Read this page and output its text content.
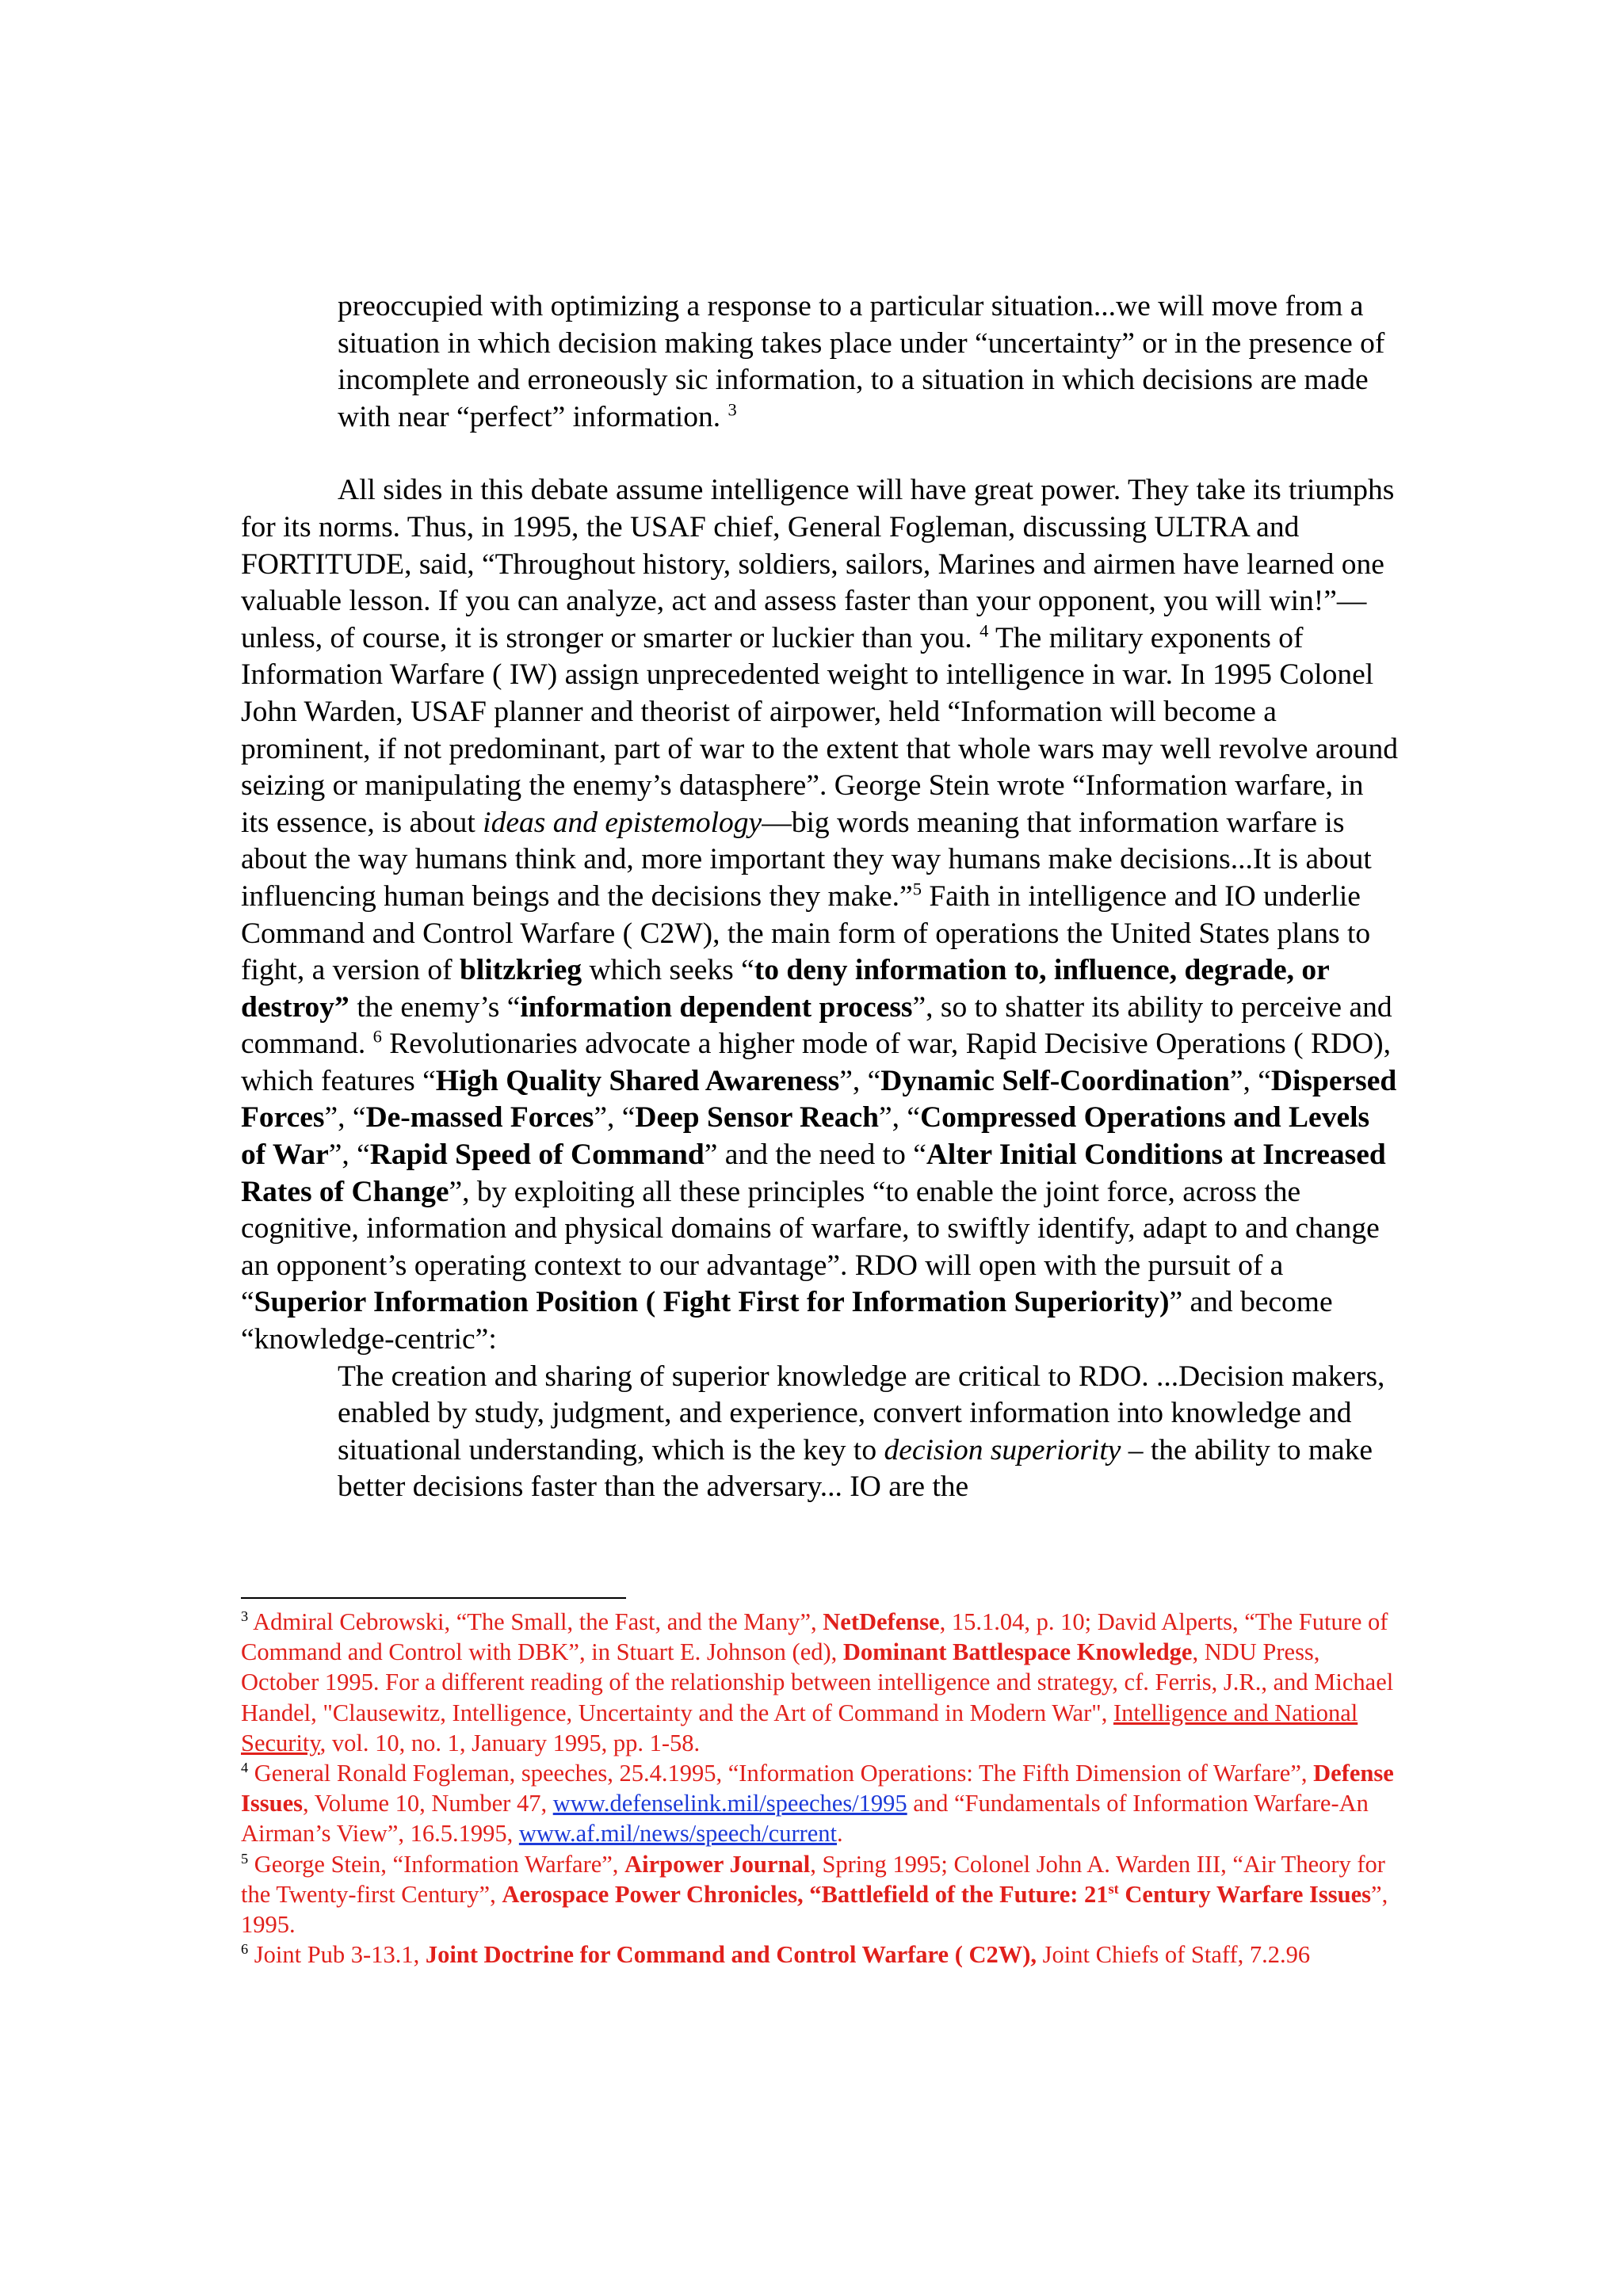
preoccupied with optimizing a response to a particular situation...we will move from a situation in which decision making takes place under “uncertainty” or in the presence of incomplete and erroneously sic information, to a situation in which decisions are made with near “perfect” information. $^3$

All sides in this debate assume intelligence will have great power. They take its triumphs for its norms. Thus, in 1995, the USAF chief, General Fogleman, discussing ULTRA and FORTITUDE, said, “Throughout history, soldiers, sailors, Marines and airmen have learned one valuable lesson. If you can analyze, act and assess faster than your opponent, you will win!”—unless, of course, it is stronger or smarter or luckier than you. $^4$ The military exponents of Information Warfare ( IW) assign unprecedented weight to intelligence in war. In 1995 Colonel John Warden, USAF planner and theorist of airpower, held “Information will become a prominent, if not predominant, part of war to the extent that whole wars may well revolve around seizing or manipulating the enemy’s datasphere”. George Stein wrote “Information warfare, in its essence, is about ideas and epistemology—big words meaning that information warfare is about the way humans think and, more important they way humans make decisions...It is about influencing human beings and the decisions they make.”$^5$ Faith in intelligence and IO underlie Command and Control Warfare ( C2W), the main form of operations the United States plans to fight, a version of blitzkrieg which seeks “to deny information to, influence, degrade, or destroy” the enemy’s “information dependent process”, so to shatter its ability to perceive and command. $^6$ Revolutionaries advocate a higher mode of war, Rapid Decisive Operations ( RDO), which features “High Quality Shared Awareness”, “Dynamic Self-Coordination”, “Dispersed Forces”, “De-massed Forces”, “Deep Sensor Reach”, “Compressed Operations and Levels of War”, “Rapid Speed of Command” and the need to “Alter Initial Conditions at Increased Rates of Change”, by exploiting all these principles “to enable the joint force, across the cognitive, information and physical domains of warfare, to swiftly identify, adapt to and change an opponent’s operating context to our advantage”. RDO will open with the pursuit of a “Superior Information Position ( Fight First for Information Superiority)” and become “knowledge-centric”:

The creation and sharing of superior knowledge are critical to RDO. ...Decision makers, enabled by study, judgment, and experience, convert information into knowledge and situational understanding, which is the key to decision superiority – the ability to make better decisions faster than the adversary... IO are the

$^3$ Admiral Cebrowski, “The Small, the Fast, and the Many”, NetDefense, 15.1.04, p. 10; David Alperts, “The Future of Command and Control with DBK”, in Stuart E. Johnson (ed), Dominant Battlespace Knowledge, NDU Press, October 1995. For a different reading of the relationship between intelligence and strategy, cf. Ferris, J.R., and Michael Handel, "Clausewitz, Intelligence, Uncertainty and the Art of Command in Modern War", Intelligence and National Security, vol. 10, no. 1, January 1995, pp. 1-58.

$^4$ General Ronald Fogleman, speeches, 25.4.1995, “Information Operations: The Fifth Dimension of Warfare”, Defense Issues, Volume 10, Number 47, www.defenselink.mil/speeches/1995 and “Fundamentals of Information Warfare-An Airman’s View”, 16.5.1995, www.af.mil/news/speech/current.

$^5$ George Stein, “Information Warfare”, Airpower Journal, Spring 1995; Colonel John A. Warden III, “Air Theory for the Twenty-first Century”, Aerospace Power Chronicles, “Battlefield of the Future: 21st Century Warfare Issues”, 1995.

$^6$ Joint Pub 3-13.1, Joint Doctrine for Command and Control Warfare ( C2W), Joint Chiefs of Staff, 7.2.96
